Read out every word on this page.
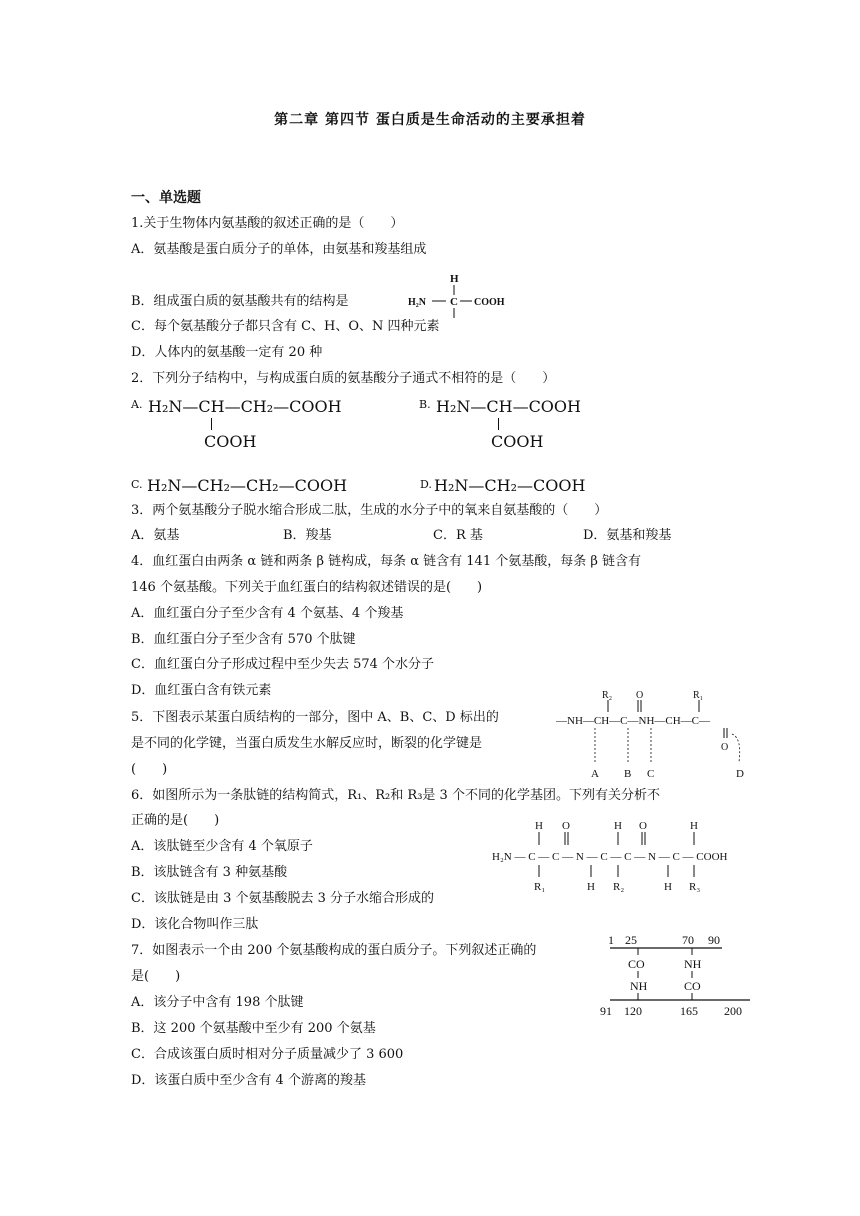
第二章 第四节 蛋白质是生命活动的主要承担着
一、单选题
1.关于生物体内氨基酸的叙述正确的是（　　）
A．氨基酸是蛋白质分子的单体，由氨基和羧基组成
B．组成蛋白质的氨基酸共有的结构是
H
H₂N C COOH
C．每个氨基酸分子都只含有 C、H、O、N 四种元素
D．人体内的氨基酸一定有 20 种
2．下列分子结构中，与构成蛋白质的氨基酸分子通式不相符的是（　　）
A. H₂N—CH—CH₂—COOH
COOH
B. H₂N—CH—COOH
COOH
C. H₂N—CH₂—CH₂—COOH	D. H₂N—CH₂—COOH
3．两个氨基酸分子脱水缩合形成二肽，生成的水分子中的氧来自氨基酸的（　　）
A．氨基	B．羧基	C．R 基	D．氨基和羧基
4．血红蛋白由两条 α 链和两条 β 链构成，每条 α 链含有 141 个氨基酸，每条 β 链含有
146 个氨基酸。下列关于血红蛋白的结构叙述错误的是(　　)
A．血红蛋白分子至少含有 4 个氨基、4 个羧基
B．血红蛋白分子至少含有 570 个肽键
C．血红蛋白分子形成过程中至少失去 574 个水分子
D．血红蛋白含有铁元素
5．下图表示某蛋白质结构的一部分，图中 A、B、C、D 标出的
是不同的化学键，当蛋白质发生水解反应时，断裂的化学键是
(　　)
R₂ O	R₁
—NH—CH—C—NH—CH—C—
O
A B C	D
6．如图所示为一条肽链的结构简式，R₁、R₂和 R₃是 3 个不同的化学基团。下列有关分析不
正确的是(　　)
A．该肽链至少含有 4 个氧原子
B．该肽链含有 3 种氨基酸
C．该肽链是由 3 个氨基酸脱去 3 分子水缩合形成的
D．该化合物叫作三肽
H O	H O	H
H₂N — C — C — N — C — C — N — C — COOH
R₁	H R₂	H R₃
7．如图表示一个由 200 个氨基酸构成的蛋白质分子。下列叙述正确的
是(　　)
A．该分子中含有 198 个肽键
B．这 200 个氨基酸中至少有 200 个氨基
C．合成该蛋白质时相对分子质量减少了 3 600
D．该蛋白质中至少含有 4 个游离的羧基
1 25	70 90
CO	NH
NH	CO
91 120	165 200
